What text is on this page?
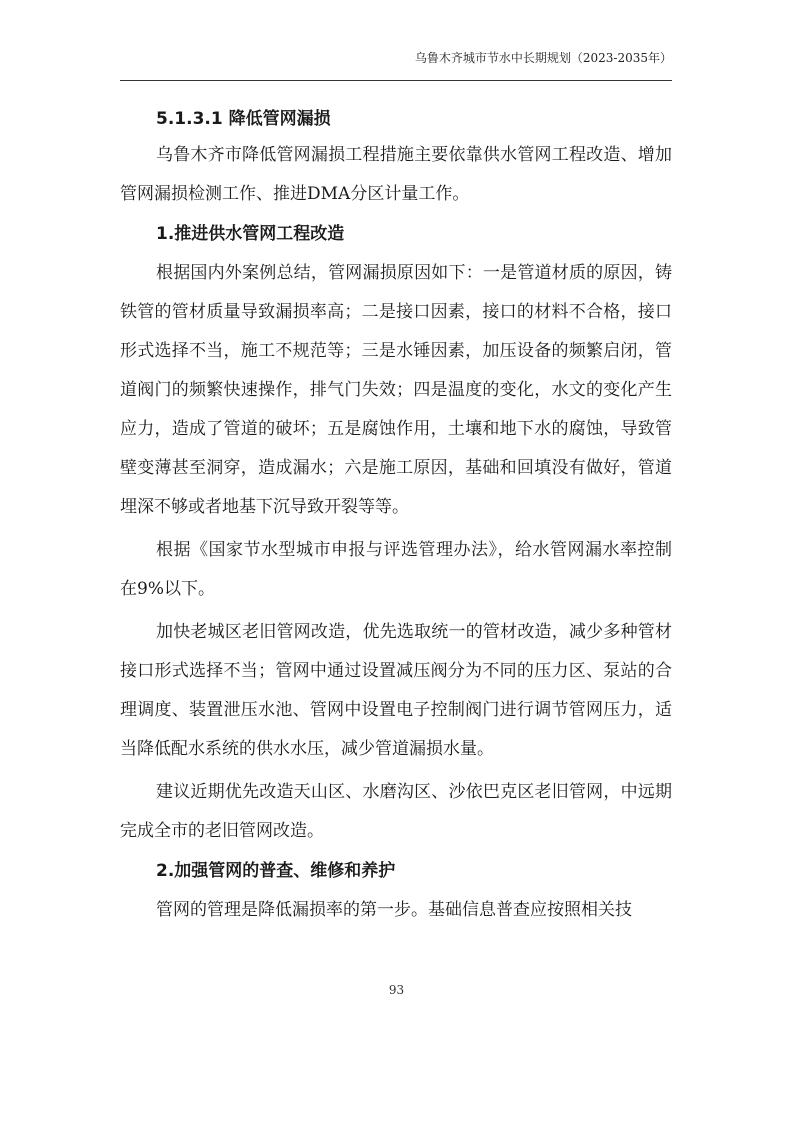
乌鲁木齐城市节水中长期规划（2023-2035年）
5.1.3.1 降低管网漏损

乌鲁木齐市降低管网漏损工程措施主要依靠供水管网工程改造、增加管网漏损检测工作、推进DMA分区计量工作。

1.推进供水管网工程改造

根据国内外案例总结，管网漏损原因如下：一是管道材质的原因，铸铁管的管材质量导致漏损率高；二是接口因素，接口的材料不合格，接口形式选择不当，施工不规范等；三是水锤因素，加压设备的频繁启闭，管道阀门的频繁快速操作，排气门失效；四是温度的变化，水文的变化产生应力，造成了管道的破坏；五是腐蚀作用，土壤和地下水的腐蚀，导致管壁变薄甚至洞穿，造成漏水；六是施工原因，基础和回填没有做好，管道埋深不够或者地基下沉导致开裂等等。

根据《国家节水型城市申报与评选管理办法》，给水管网漏水率控制在9%以下。

加快老城区老旧管网改造，优先选取统一的管材改造，减少多种管材接口形式选择不当；管网中通过设置减压阀分为不同的压力区、泵站的合理调度、装置泄压水池、管网中设置电子控制阀门进行调节管网压力，适当降低配水系统的供水水压，减少管道漏损水量。

建议近期优先改造天山区、水磨沟区、沙依巴克区老旧管网，中远期完成全市的老旧管网改造。

2.加强管网的普查、维修和养护

管网的管理是降低漏损率的第一步。基础信息普查应按照相关技

93
